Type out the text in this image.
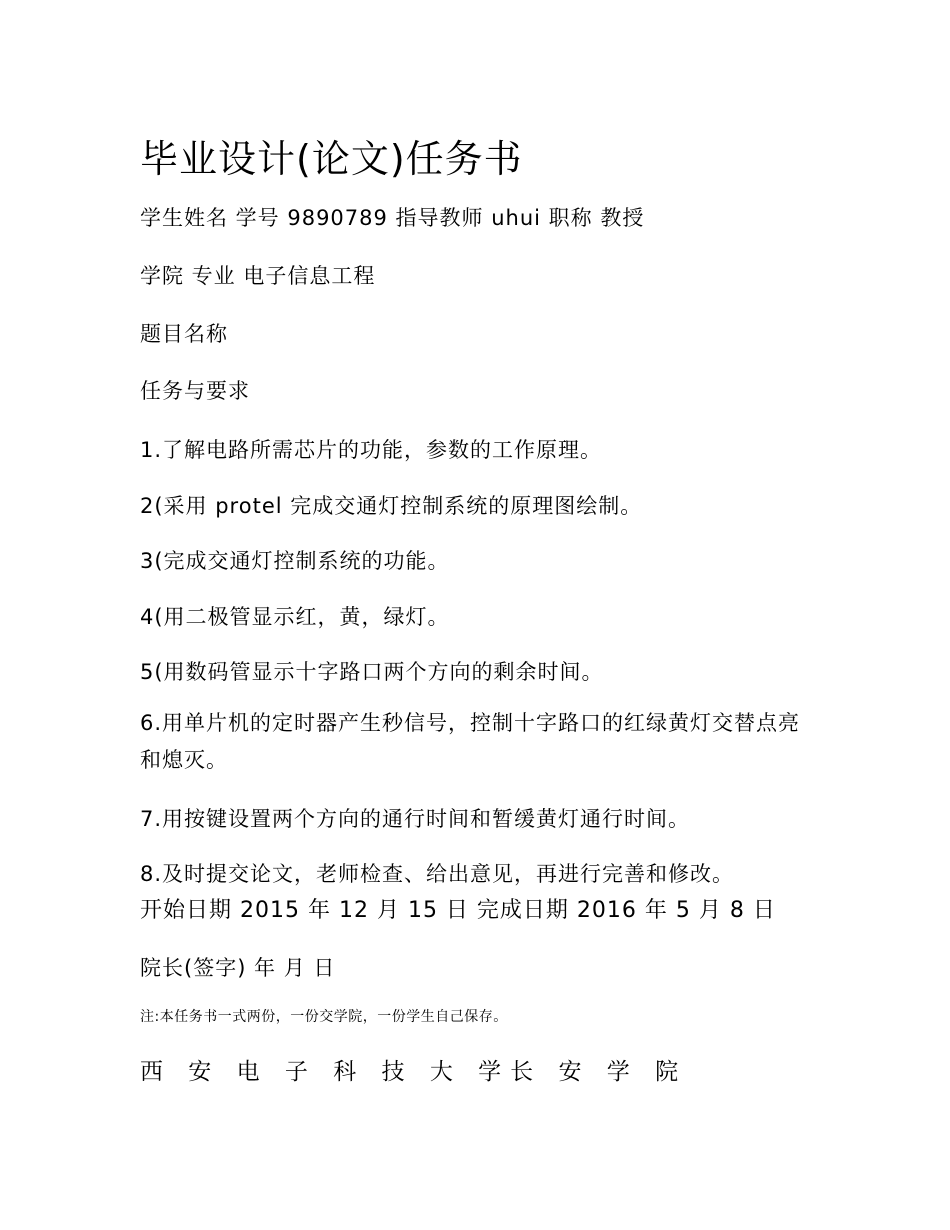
毕业设计(论文)任务书
学生姓名 学号 9890789 指导教师 uhui 职称 教授
学院 专业 电子信息工程
题目名称
任务与要求
1.了解电路所需芯片的功能，参数的工作原理。
2(采用 protel 完成交通灯控制系统的原理图绘制。
3(完成交通灯控制系统的功能。
4(用二极管显示红，黄，绿灯。
5(用数码管显示十字路口两个方向的剩余时间。
6.用单片机的定时器产生秒信号，控制十字路口的红绿黄灯交替点亮和熄灭。
7.用按键设置两个方向的通行时间和暂缓黄灯通行时间。
8.及时提交论文，老师检查、给出意见，再进行完善和修改。
开始日期 2015 年 12 月 15 日 完成日期 2016 年 5 月 8 日
院长(签字) 年 月 日
注:本任务书一式两份，一份交学院，一份学生自己保存。
西 安 电 子 科 技 大 学长 安 学 院
